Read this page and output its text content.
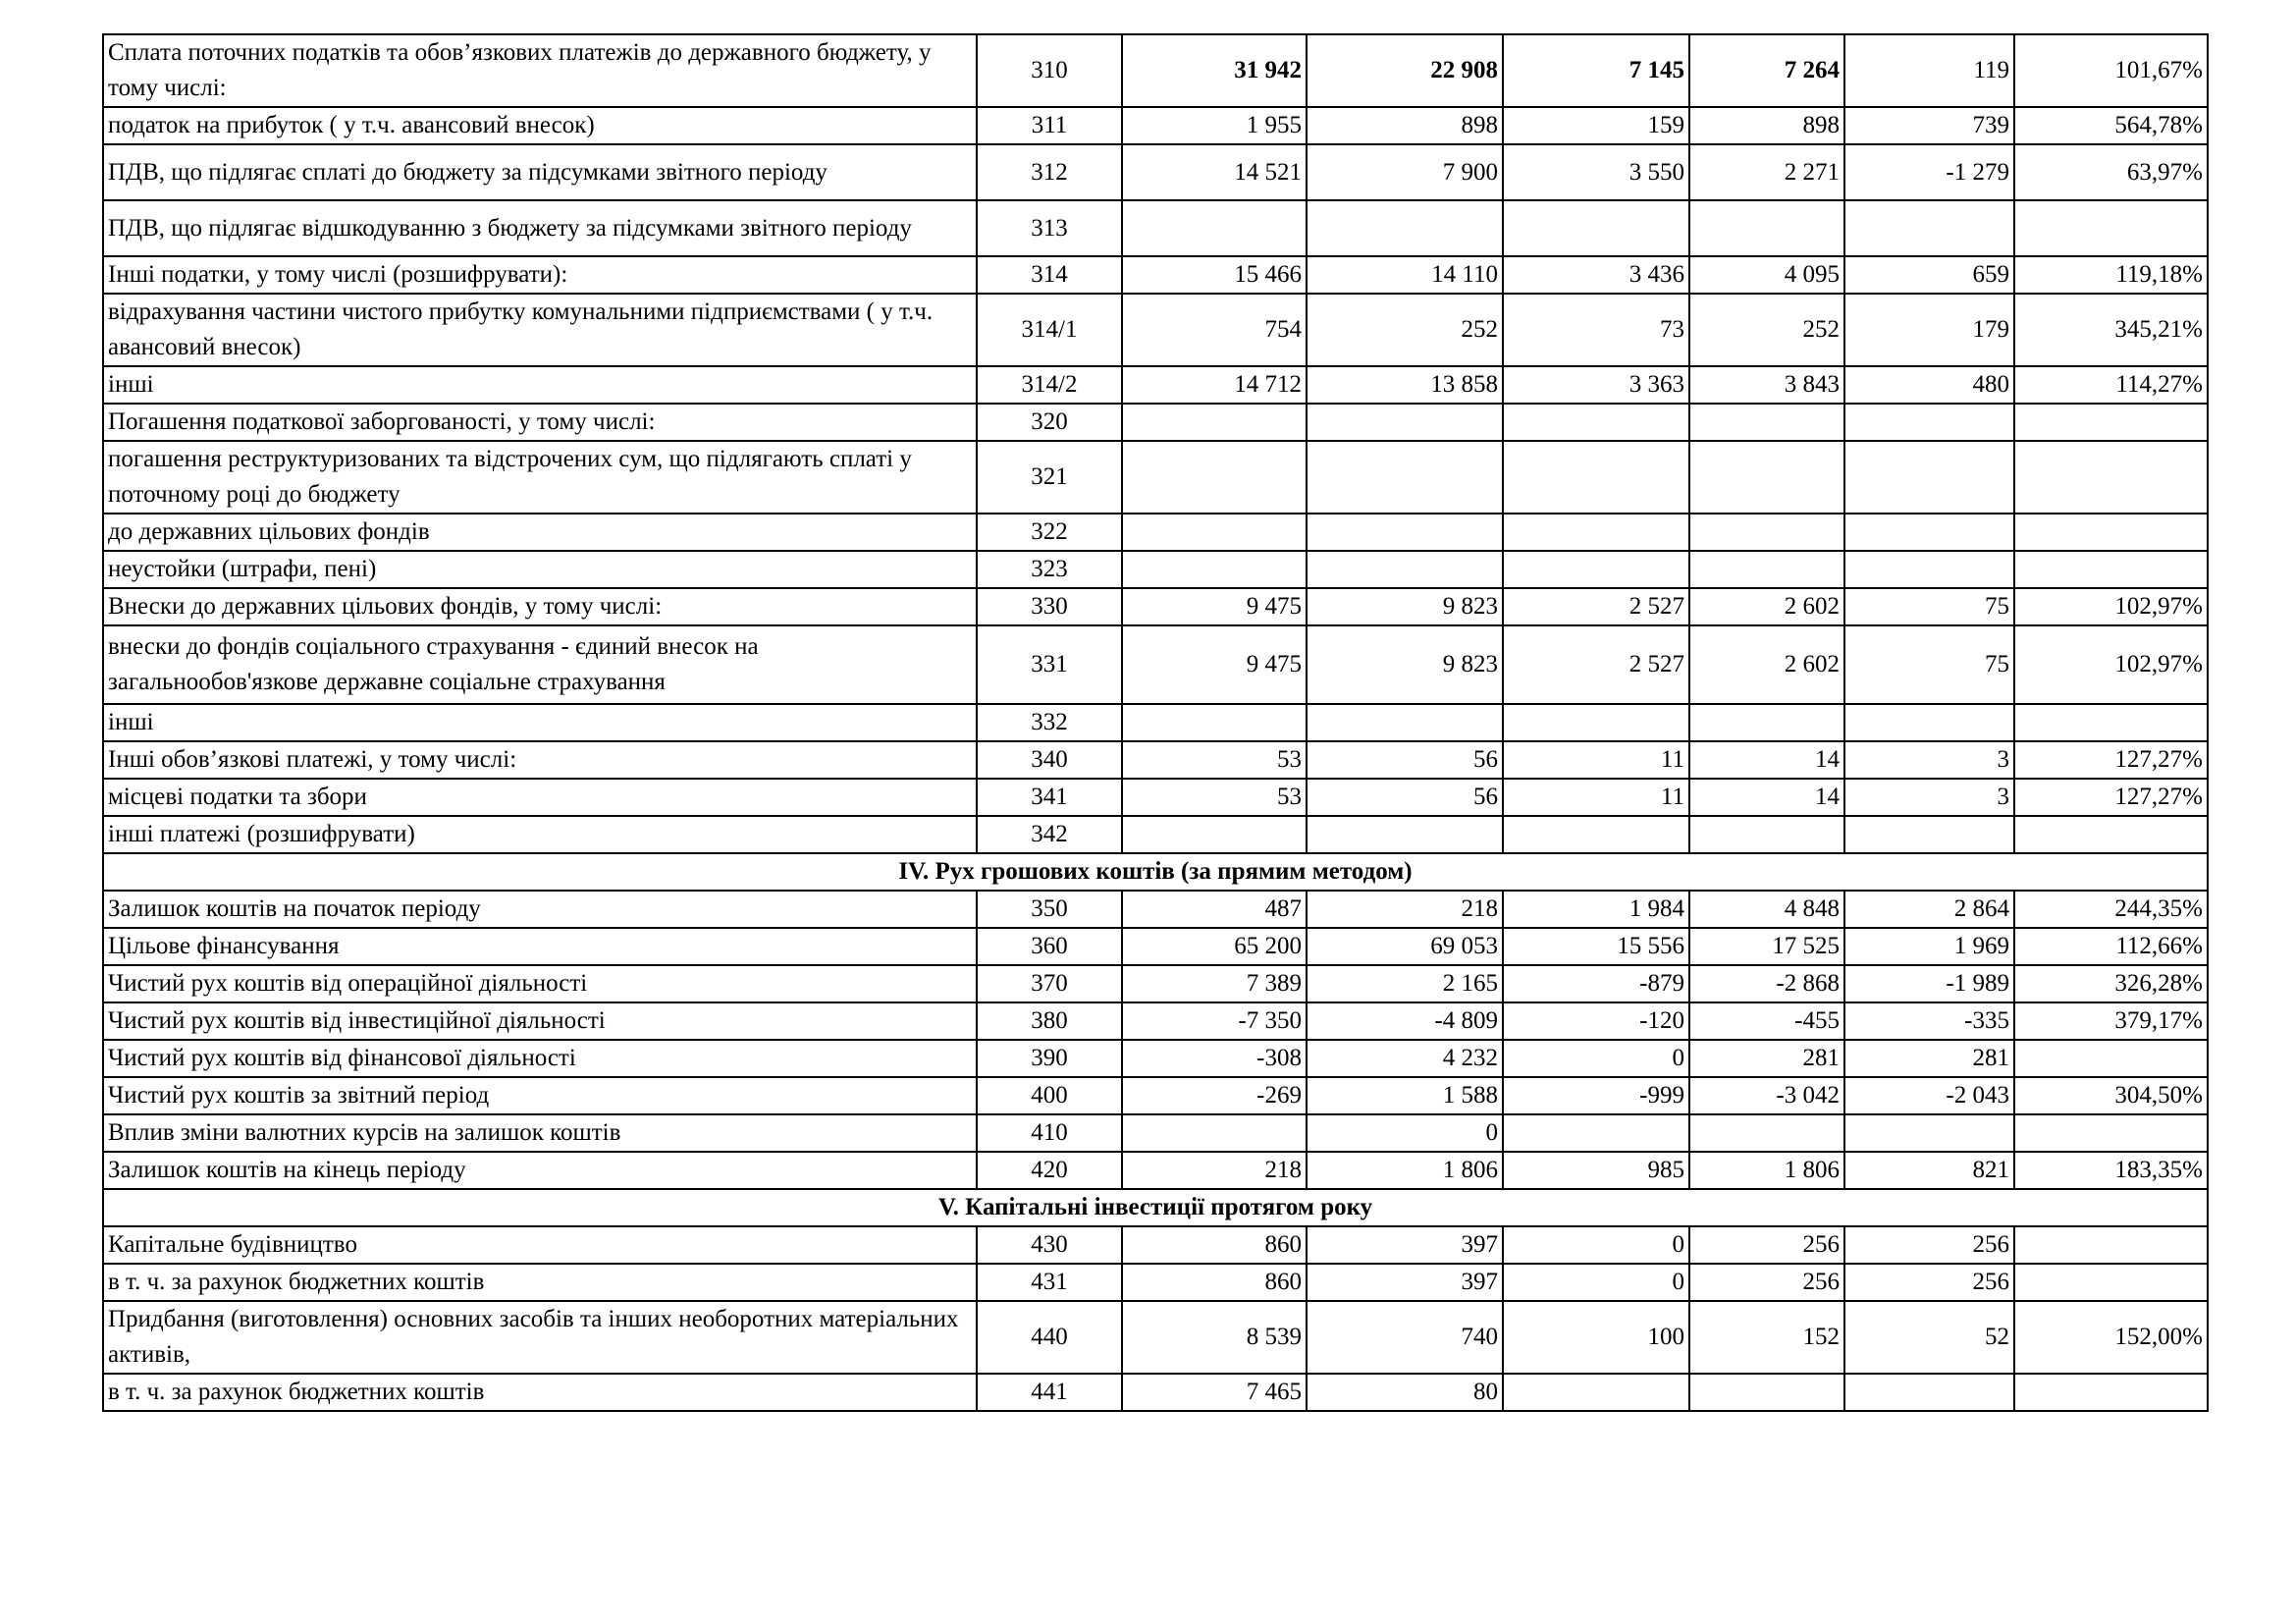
Сплата поточних податків та обов’язкових платежів до державного бюджету, у тому числі:	310	31 942	22 908	7 145	7 264	119	101,67%
податок на прибуток ( у т.ч. авансовий внесок)	311	1 955	898	159	898	739	564,78%
ПДВ, що підлягає сплаті до бюджету за підсумками звітного періоду	312	14 521	7 900	3 550	2 271	-1 279	63,97%
ПДВ, що підлягає відшкодуванню з бюджету за підсумками звітного періоду	313						
Інші податки, у тому числі (розшифрувати):	314	15 466	14 110	3 436	4 095	659	119,18%
відрахування частини чистого прибутку комунальними підприємствами ( у т.ч. авансовий внесок)	314/1	754	252	73	252	179	345,21%
інші	314/2	14 712	13 858	3 363	3 843	480	114,27%
Погашення податкової заборгованості, у тому числі:	320						
погашення реструктуризованих та відстрочених сум, що підлягають сплаті у поточному році до бюджету	321						
до державних цільових фондів	322						
неустойки (штрафи, пені)	323						
Внески до державних цільових фондів, у тому числі:	330	9 475	9 823	2 527	2 602	75	102,97%
внески до фондів соціального страхування - єдиний внесок на загальнообов'язкове державне соціальне страхування	331	9 475	9 823	2 527	2 602	75	102,97%
інші	332						
Інші обов’язкові платежі, у тому числі:	340	53	56	11	14	3	127,27%
місцеві податки та збори	341	53	56	11	14	3	127,27%
інші платежі (розшифрувати)	342						
IV. Рух грошових коштів (за прямим методом)							
Залишок коштів на початок періоду	350	487	218	1 984	4 848	2 864	244,35%
Цільове фінансування	360	65 200	69 053	15 556	17 525	1 969	112,66%
Чистий рух коштів від операційної діяльності	370	7 389	2 165	-879	-2 868	-1 989	326,28%
Чистий рух коштів від інвестиційної діяльності	380	-7 350	-4 809	-120	-455	-335	379,17%
Чистий рух коштів від фінансової діяльності	390	-308	4 232	0	281	281	
Чистий рух коштів за звітний період	400	-269	1 588	-999	-3 042	-2 043	304,50%
Вплив зміни валютних курсів на залишок коштів	410		0				
Залишок коштів на кінець періоду	420	218	1 806	985	1 806	821	183,35%
V. Капітальні інвестиції протягом року							
Капітальне будівництво	430	860	397	0	256	256	
в т. ч. за рахунок бюджетних коштів	431	860	397	0	256	256	
Придбання (виготовлення) основних засобів та інших необоротних матеріальних активів,	440	8 539	740	100	152	52	152,00%
в т. ч. за рахунок бюджетних коштів	441	7 465	80				
